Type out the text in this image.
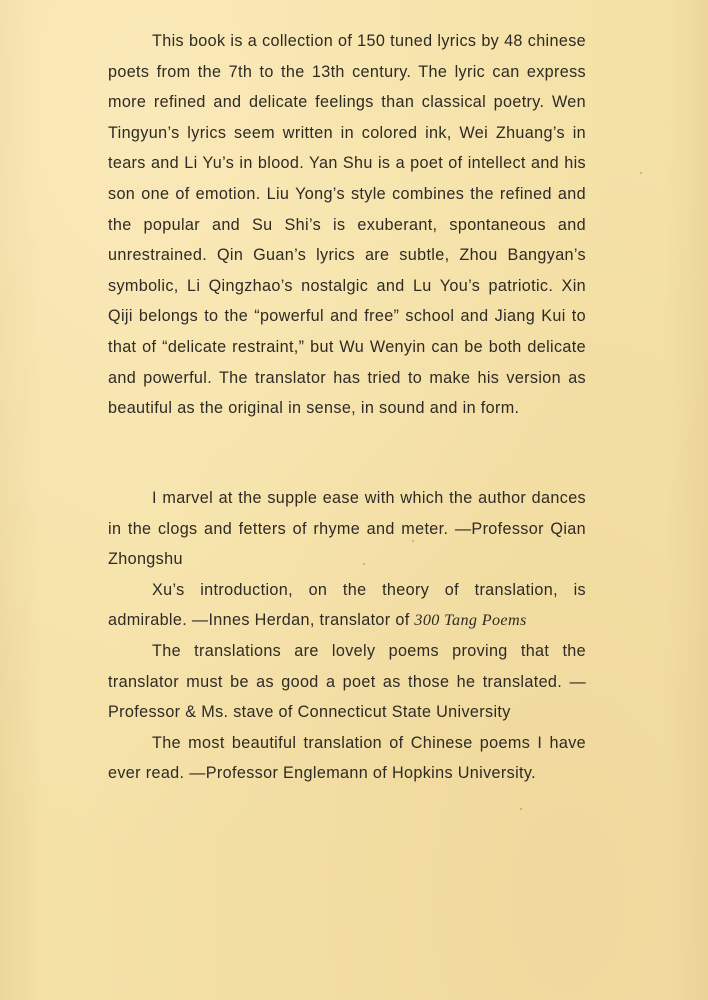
This book is a collection of 150 tuned lyrics by 48 chinese poets from the 7th to the 13th century. The lyric can express more refined and delicate feelings than classical poetry. Wen Tingyun’s lyrics seem written in colored ink, Wei Zhuang’s in tears and Li Yu’s in blood. Yan Shu is a poet of intellect and his son one of emotion. Liu Yong’s style combines the refined and the popular and Su Shi’s is exuberant, spontaneous and unrestrained. Qin Guan’s lyrics are subtle, Zhou Bangyan’s symbolic, Li Qingzhao’s nostalgic and Lu You’s patriotic. Xin Qiji belongs to the “powerful and free” school and Jiang Kui to that of “delicate restraint,” but Wu Wenyin can be both delicate and powerful. The translator has tried to make his version as beautiful as the original in sense, in sound and in form.

I marvel at the supple ease with which the author dances in the clogs and fetters of rhyme and meter. —Professor Qian Zhongshu

Xu’s introduction, on the theory of translation, is admirable. —Innes Herdan, translator of 300 Tang Poems

The translations are lovely poems proving that the translator must be as good a poet as those he translated. —Professor & Ms. stave of Connecticut State University

The most beautiful translation of Chinese poems I have ever read. —Professor Englemann of Hopkins University.
